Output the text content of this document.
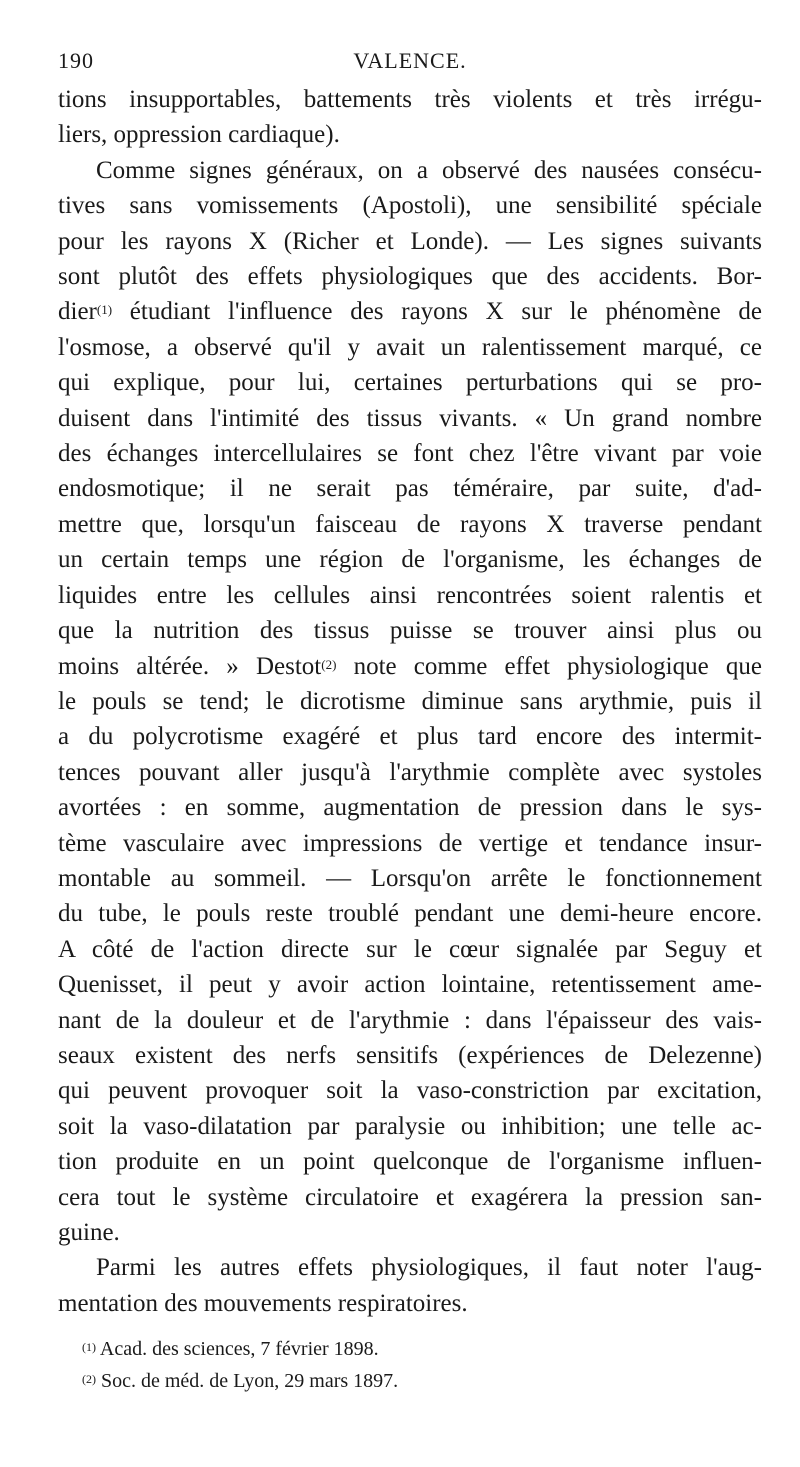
190	VALENCE.
tions insupportables, battements très violents et très irrégu-
liers, oppression cardiaque).
Comme signes généraux, on a observé des nausées consécu-
tives sans vomissements (Apostoli), une sensibilité spéciale
pour les rayons X (Richer et Londe). — Les signes suivants
sont plutôt des effets physiologiques que des accidents. Bor-
dier$^{(1)}$ étudiant l'influence des rayons X sur le phénomène de
l'osmose, a observé qu'il y avait un ralentissement marqué, ce
qui explique, pour lui, certaines perturbations qui se pro-
duisent dans l'intimité des tissus vivants. « Un grand nombre
des échanges intercellulaires se font chez l'être vivant par voie
endosmotique; il ne serait pas téméraire, par suite, d'ad-
mettre que, lorsqu'un faisceau de rayons X traverse pendant
un certain temps une région de l'organisme, les échanges de
liquides entre les cellules ainsi rencontrées soient ralentis et
que la nutrition des tissus puisse se trouver ainsi plus ou
moins altérée. » Destot$^{(2)}$ note comme effet physiologique que
le pouls se tend; le dicrotisme diminue sans arythmie, puis il
a du polycrotisme exagéré et plus tard encore des intermit-
tences pouvant aller jusqu'à l'arythmie complète avec systoles
avortées : en somme, augmentation de pression dans le sys-
tème vasculaire avec impressions de vertige et tendance insur-
montable au sommeil. — Lorsqu'on arrête le fonctionnement
du tube, le pouls reste troublé pendant une demi-heure encore.
A côté de l'action directe sur le cœur signalée par Seguy et
Quenisset, il peut y avoir action lointaine, retentissement ame-
nant de la douleur et de l'arythmie : dans l'épaisseur des vais-
seaux existent des nerfs sensitifs (expériences de Delezenne)
qui peuvent provoquer soit la vaso-constriction par excitation,
soit la vaso-dilatation par paralysie ou inhibition; une telle ac-
tion produite en un point quelconque de l'organisme influen-
cera tout le système circulatoire et exagérera la pression san-
guine.
Parmi les autres effets physiologiques, il faut noter l'aug-
mentation des mouvements respiratoires.
$^{(1)}$ Acad. des sciences, 7 février 1898.
$^{(2)}$ Soc. de méd. de Lyon, 29 mars 1897.
